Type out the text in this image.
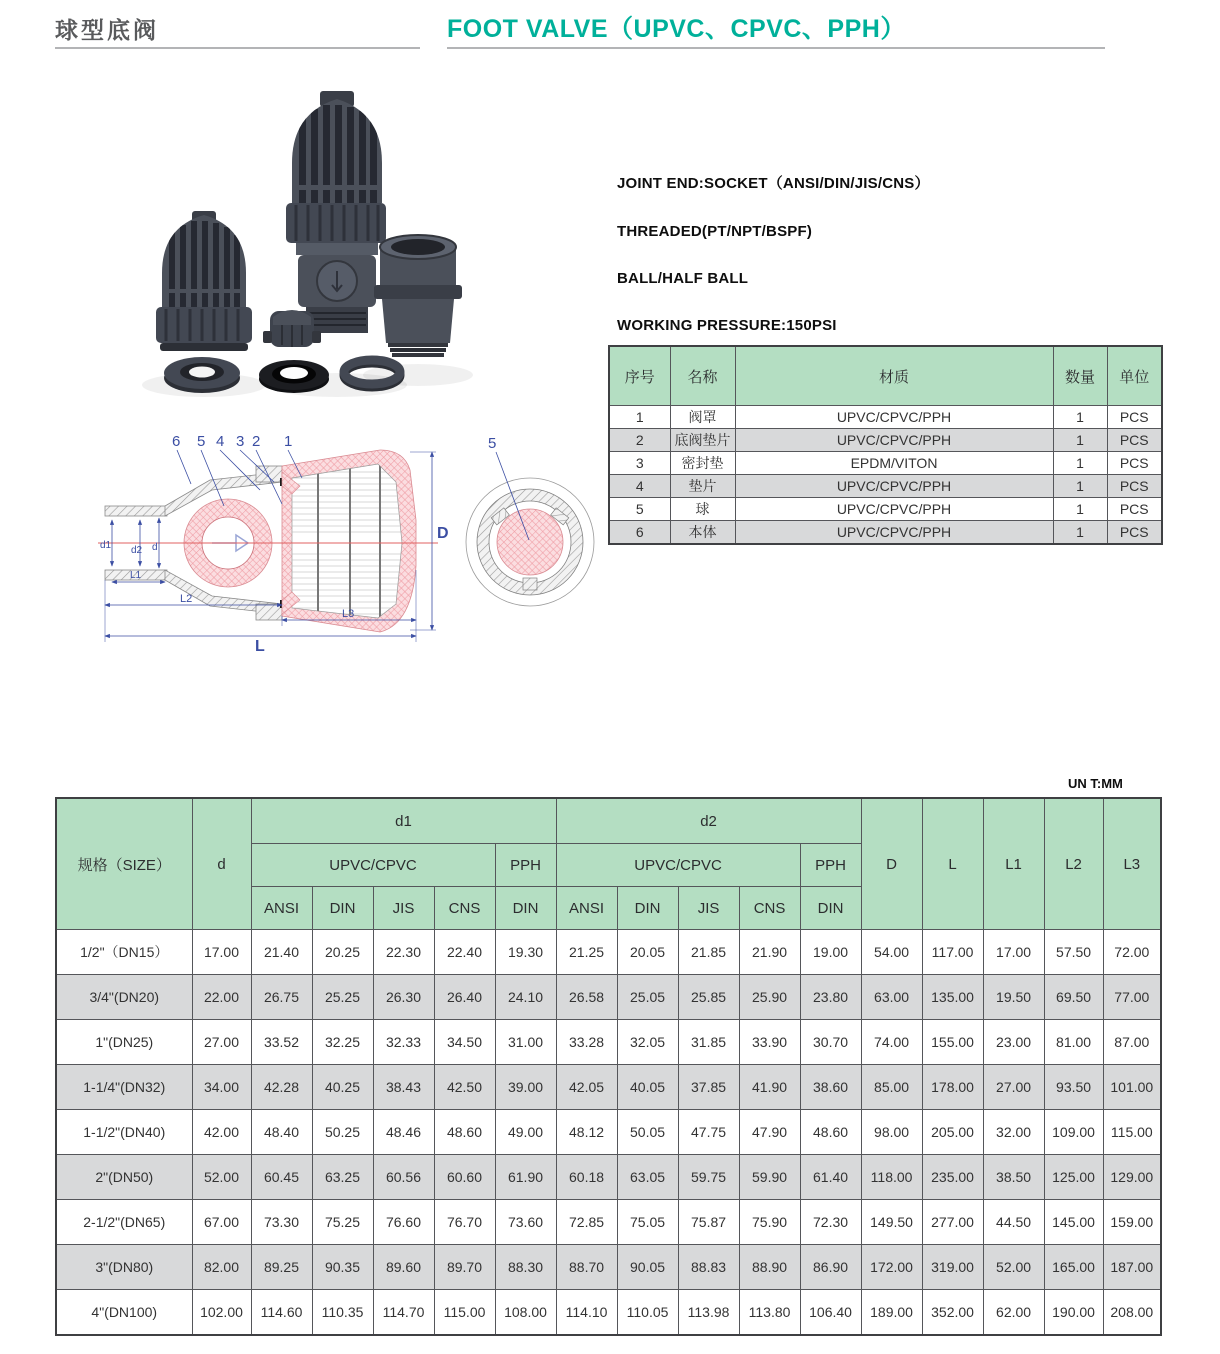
球型底阀	FOOT VALVE（UPVC、CPVC、PPH）
6 5 4 3 2 1
d1 d2 d
L1
L2
L3
L
D
5

JOINT END:SOCKET（ANSI/DIN/JIS/CNS）

THREADED(PT/NPT/BSPF)

BALL/HALF BALL

WORKING PRESSURE:150PSI

序号	名称	材质	数量	单位
1	阀罩	UPVC/CPVC/PPH	1	PCS
2	底阀垫片	UPVC/CPVC/PPH	1	PCS
3	密封垫	EPDM/VITON	1	PCS
4	垫片	UPVC/CPVC/PPH	1	PCS
5	球	UPVC/CPVC/PPH	1	PCS
6	本体	UPVC/CPVC/PPH	1	PCS
UN T:MM
规格（SIZE）	d	d1					d2					D	L	L1	L2	L3
		UPVC/CPVC				PPH	UPVC/CPVC				PPH					
		ANSI	DIN	JIS	CNS	DIN	ANSI	DIN	JIS	CNS	DIN					
1/2"（DN15）	17.00	21.40	20.25	22.30	22.40	19.30	21.25	20.05	21.85	21.90	19.00	54.00	117.00	17.00	57.50	72.00
3/4"(DN20)	22.00	26.75	25.25	26.30	26.40	24.10	26.58	25.05	25.85	25.90	23.80	63.00	135.00	19.50	69.50	77.00
1"(DN25)	27.00	33.52	32.25	32.33	34.50	31.00	33.28	32.05	31.85	33.90	30.70	74.00	155.00	23.00	81.00	87.00
1-1/4"(DN32)	34.00	42.28	40.25	38.43	42.50	39.00	42.05	40.05	37.85	41.90	38.60	85.00	178.00	27.00	93.50	101.00
1-1/2"(DN40)	42.00	48.40	50.25	48.46	48.60	49.00	48.12	50.05	47.75	47.90	48.60	98.00	205.00	32.00	109.00	115.00
2"(DN50)	52.00	60.45	63.25	60.56	60.60	61.90	60.18	63.05	59.75	59.90	61.40	118.00	235.00	38.50	125.00	129.00
2-1/2"(DN65)	67.00	73.30	75.25	76.60	76.70	73.60	72.85	75.05	75.87	75.90	72.30	149.50	277.00	44.50	145.00	159.00
3"(DN80)	82.00	89.25	90.35	89.60	89.70	88.30	88.70	90.05	88.83	88.90	86.90	172.00	319.00	52.00	165.00	187.00
4"(DN100)	102.00	114.60	110.35	114.70	115.00	108.00	114.10	110.05	113.98	113.80	106.40	189.00	352.00	62.00	190.00	208.00
